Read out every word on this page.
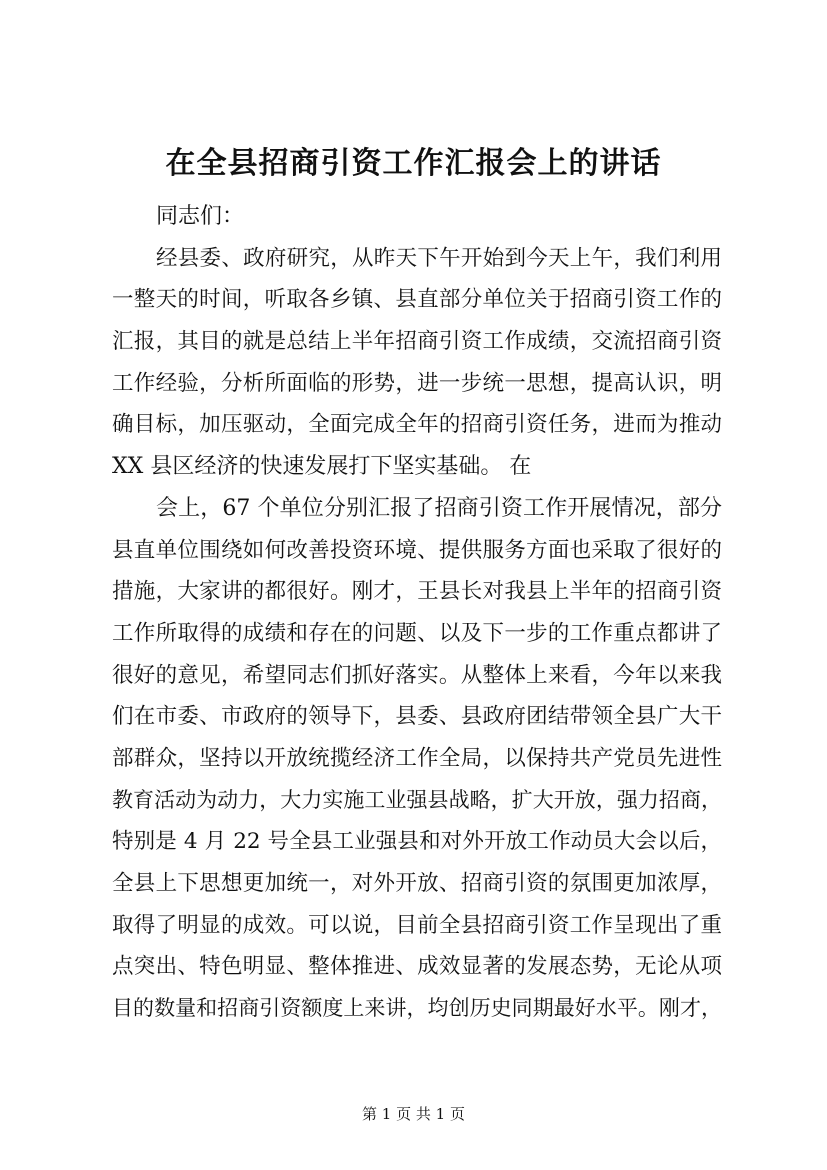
在全县招商引资工作汇报会上的讲话
同志们：
经县委、政府研究，从昨天下午开始到今天上午，我们利用
一整天的时间，听取各乡镇、县直部分单位关于招商引资工作的
汇报，其目的就是总结上半年招商引资工作成绩，交流招商引资
工作经验，分析所面临的形势，进一步统一思想，提高认识，明
确目标，加压驱动，全面完成全年的招商引资任务，进而为推动
XX 县区经济的快速发展打下坚实基础。 在
会上，67 个单位分别汇报了招商引资工作开展情况，部分
县直单位围绕如何改善投资环境、提供服务方面也采取了很好的
措施，大家讲的都很好。刚才，王县长对我县上半年的招商引资
工作所取得的成绩和存在的问题、以及下一步的工作重点都讲了
很好的意见，希望同志们抓好落实。从整体上来看，今年以来我
们在市委、市政府的领导下，县委、县政府团结带领全县广大干
部群众，坚持以开放统揽经济工作全局，以保持共产党员先进性
教育活动为动力，大力实施工业强县战略，扩大开放，强力招商，
特别是 4 月 22 号全县工业强县和对外开放工作动员大会以后，
全县上下思想更加统一，对外开放、招商引资的氛围更加浓厚，
取得了明显的成效。可以说，目前全县招商引资工作呈现出了重
点突出、特色明显、整体推进、成效显著的发展态势，无论从项
目的数量和招商引资额度上来讲，均创历史同期最好水平。刚才，
第 1 页 共 1 页
